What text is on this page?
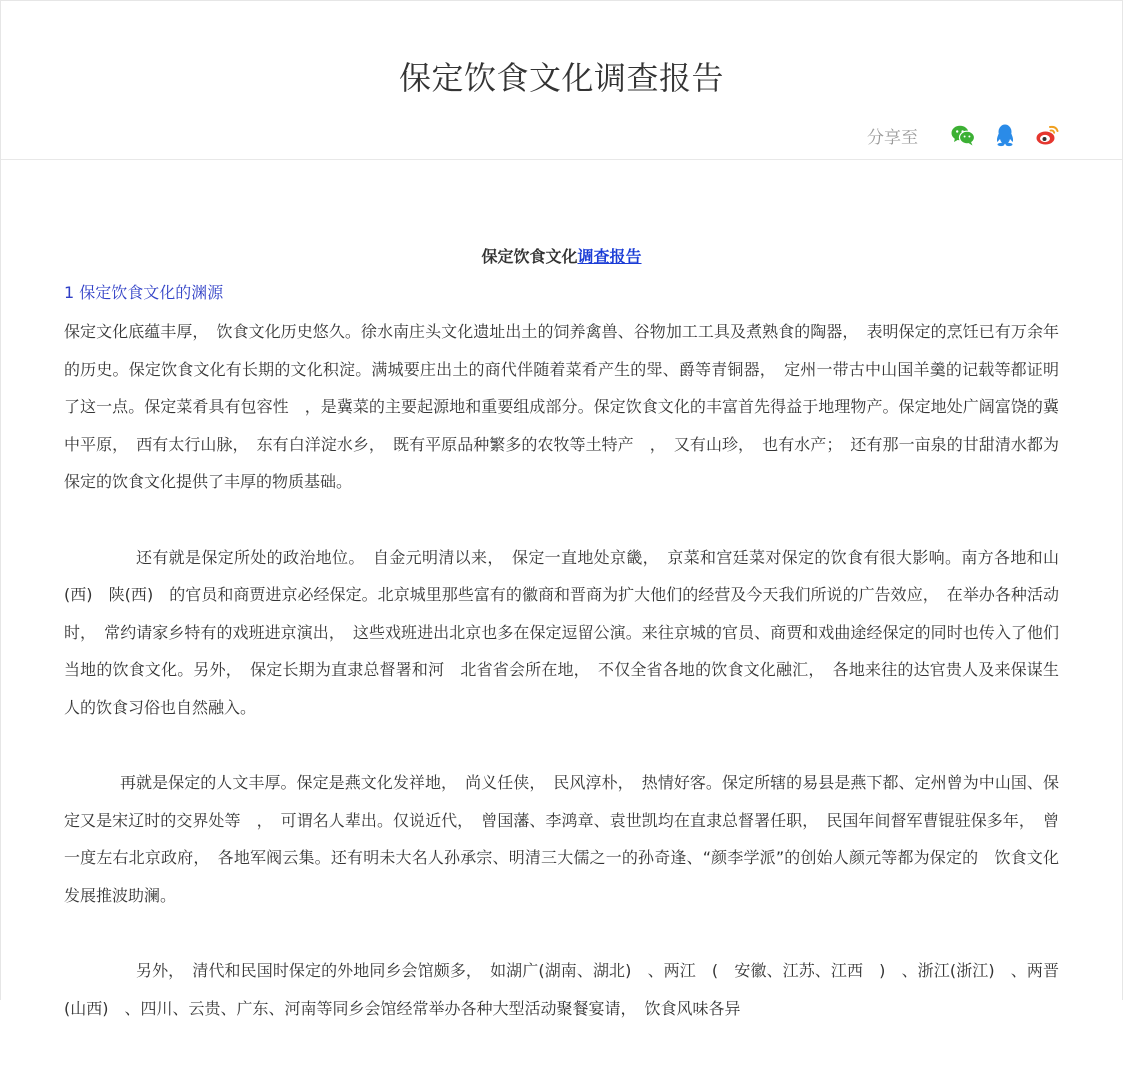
保定饮食文化调查报告
分享至
保定饮食文化调查报告
1 保定饮食文化的渊源

保定文化底蕴丰厚，　饮食文化历史悠久。徐水南庄头文化遗址出土的饲养禽兽、谷物加工工具及煮熟食的陶器，　表明保定的烹饪已有万余年的历史。保定饮食文化有长期的文化积淀。满城要庄出土的商代伴随着菜肴产生的斝、爵等青铜器，　定州一带古中山国羊羹的记载等都证明了这一点。保定菜肴具有包容性　，是冀菜的主要起源地和重要组成部分。保定饮食文化的丰富首先得益于地理物产。保定地处广阔富饶的冀中平原，　西有太行山脉，　东有白洋淀水乡，　既有平原品种繁多的农牧等土特产　，　又有山珍，　也有水产；　还有那一亩泉的甘甜清水都为保定的饮食文化提供了丰厚的物质基础。

还有就是保定所处的政治地位。　自金元明清以来，　保定一直地处京畿，　京菜和宫廷菜对保定的饮食有很大影响。南方各地和山　(西)　陕(西)　的官员和商贾进京必经保定。北京城里那些富有的徽商和晋商为扩大他们的经营及今天我们所说的广告效应，　在举办各种活动时，　常约请家乡特有的戏班进京演出，　这些戏班进出北京也多在保定逗留公演。来往京城的官员、商贾和戏曲途经保定的同时也传入了他们当地的饮食文化。另外，　保定长期为直隶总督署和河　北省省会所在地，　不仅全省各地的饮食文化融汇，　各地来往的达官贵人及来保谋生人的饮食习俗也自然融入。

再就是保定的人文丰厚。保定是燕文化发祥地，　尚义任侠，　民风淳朴，　热情好客。保定所辖的易县是燕下都、定州曾为中山国、保定又是宋辽时的交界处等　，　可谓名人辈出。仅说近代，　曾国藩、李鸿章、袁世凯均在直隶总督署任职，　民国年间督军曹锟驻保多年，　曾一度左右北京政府，　各地军阀云集。还有明未大名人孙承宗、明清三大儒之一的孙奇逢、“颜李学派”的创始人颜元等都为保定的　饮食文化发展推波助澜。

另外，　清代和民国时保定的外地同乡会馆颇多，　如湖广(湖南、湖北)　、两江　(　安徽、江苏、江西　)　、浙江(浙江)　、两晋　(山西)　、四川、云贵、广东、河南等同乡会馆经常举办各种大型活动聚餐宴请，　饮食风味各异
